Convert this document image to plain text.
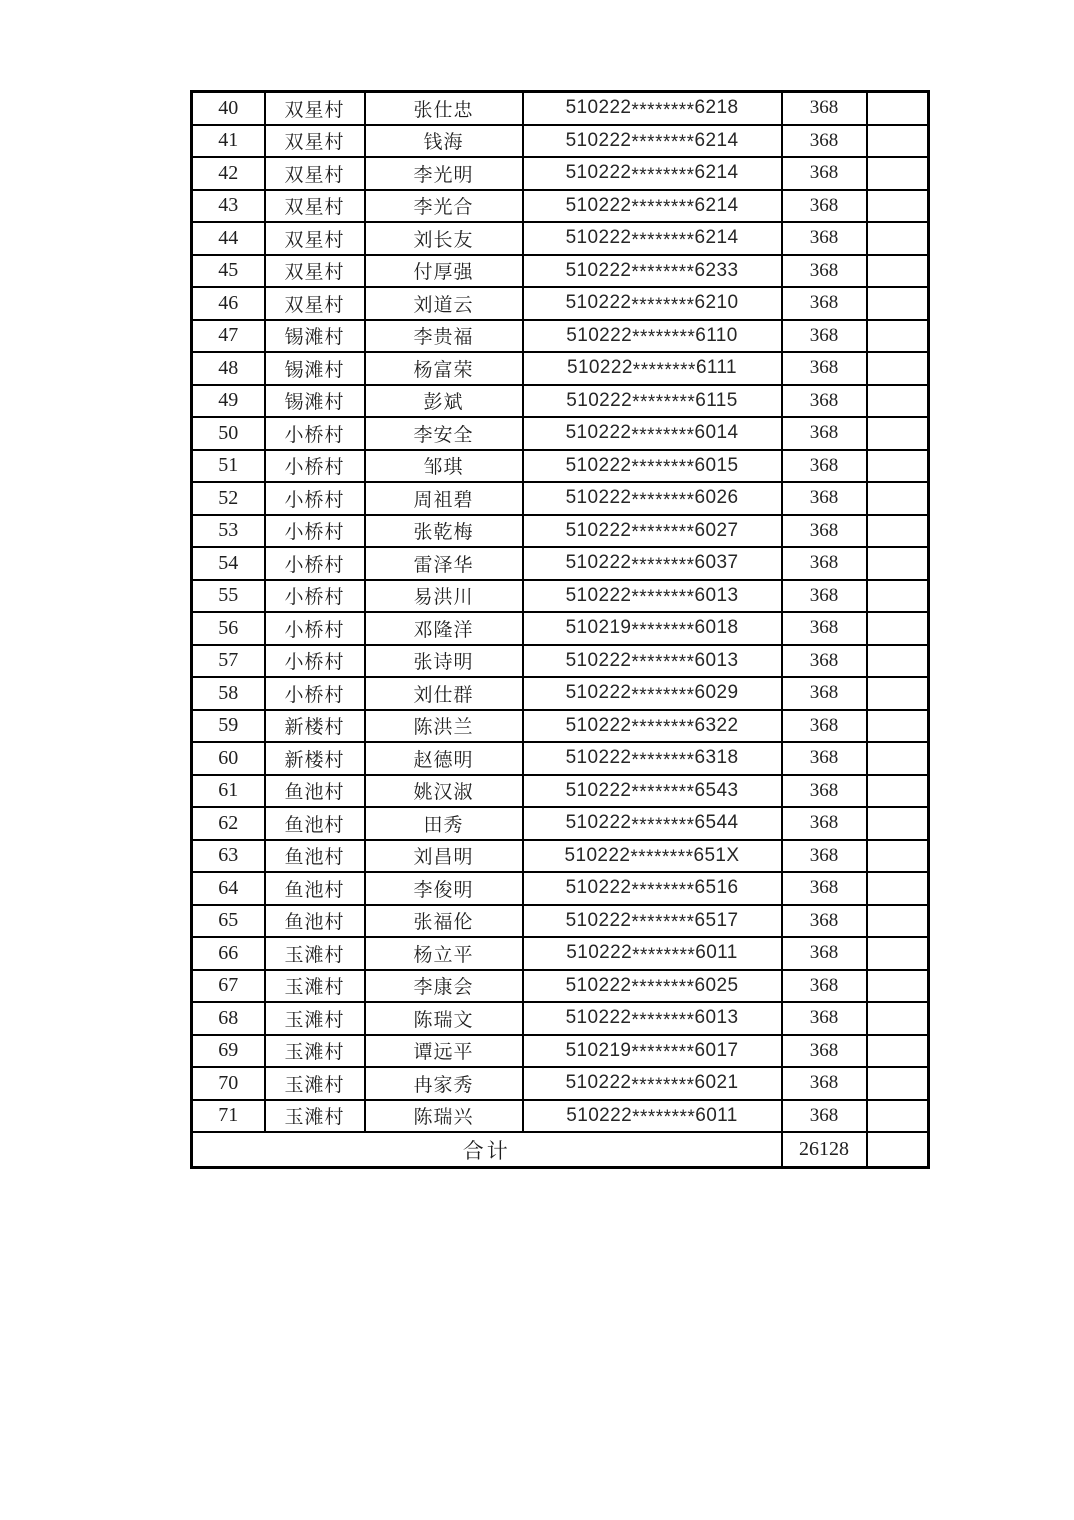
40	双星村	张仕忠	510222********6218	368	
41	双星村	钱海	510222********6214	368	
42	双星村	李光明	510222********6214	368	
43	双星村	李光合	510222********6214	368	
44	双星村	刘长友	510222********6214	368	
45	双星村	付厚强	510222********6233	368	
46	双星村	刘道云	510222********6210	368	
47	锡滩村	李贵福	510222********6110	368	
48	锡滩村	杨富荣	510222********6111	368	
49	锡滩村	彭斌	510222********6115	368	
50	小桥村	李安全	510222********6014	368	
51	小桥村	邹琪	510222********6015	368	
52	小桥村	周祖碧	510222********6026	368	
53	小桥村	张乾梅	510222********6027	368	
54	小桥村	雷泽华	510222********6037	368	
55	小桥村	易洪川	510222********6013	368	
56	小桥村	邓隆洋	510219********6018	368	
57	小桥村	张诗明	510222********6013	368	
58	小桥村	刘仕群	510222********6029	368	
59	新楼村	陈洪兰	510222********6322	368	
60	新楼村	赵德明	510222********6318	368	
61	鱼池村	姚汉淑	510222********6543	368	
62	鱼池村	田秀	510222********6544	368	
63	鱼池村	刘昌明	510222********651X	368	
64	鱼池村	李俊明	510222********6516	368	
65	鱼池村	张福伦	510222********6517	368	
66	玉滩村	杨立平	510222********6011	368	
67	玉滩村	李康会	510222********6025	368	
68	玉滩村	陈瑞文	510222********6013	368	
69	玉滩村	谭远平	510219********6017	368	
70	玉滩村	冉家秀	510222********6021	368	
71	玉滩村	陈瑞兴	510222********6011	368	
合计				26128	
